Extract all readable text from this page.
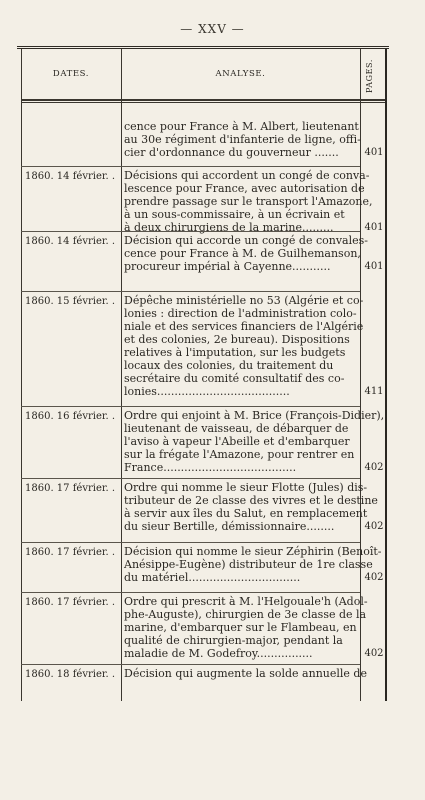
— XXV —
DATES.	ANALYSE.	PAGES.
cence pour France à M. Albert, lieutenant
au 30e régiment d'infanterie de ligne, offi-
cier d'ordonnance du gouverneur .......	401
1860. 14 février. . Décisions qui accordent un congé de conva-
lescence pour France, avec autorisation de
prendre passage sur le transport l'Amazone,
à un sous-commissaire, à un écrivain et
à deux chirurgiens de la marine.........	401
1860. 14 février. . Décision qui accorde un congé de convales-
cence pour France à M. de Guilhemanson,
procureur impérial à Cayenne...........	401
1860. 15 février. . Dépêche ministérielle no 53 (Algérie et co-
lonies : direction de l'administration colo-
niale et des services financiers de l'Algérie
et des colonies, 2e bureau). Dispositions
relatives à l'imputation, sur les budgets
locaux des colonies, du traitement du
secrétaire du comité consultatif des co-
lonies......................................	411
1860. 16 février. . Ordre qui enjoint à M. Brice (François-Didier),
lieutenant de vaisseau, de débarquer de
l'aviso à vapeur l'Abeille et d'embarquer
sur la frégate l'Amazone, pour rentrer en
France......................................	402
1860. 17 février. . Ordre qui nomme le sieur Flotte (Jules) dis-
tributeur de 2e classe des vivres et le destine
à servir aux îles du Salut, en remplacement
du sieur Bertille, démissionnaire........	402
1860. 17 février. . Décision qui nomme le sieur Zéphirin (Benoît-
Anésippe-Eugène) distributeur de 1re classe
du matériel................................	402
1860. 17 février. . Ordre qui prescrit à M. l'Helgouale'h (Adol-
phe-Auguste), chirurgien de 3e classe de la
marine, d'embarquer sur le Flambeau, en
qualité de chirurgien-major, pendant la
maladie de M. Godefroy................	402
1860. 18 février. . Décision qui augmente la solde annuelle de
